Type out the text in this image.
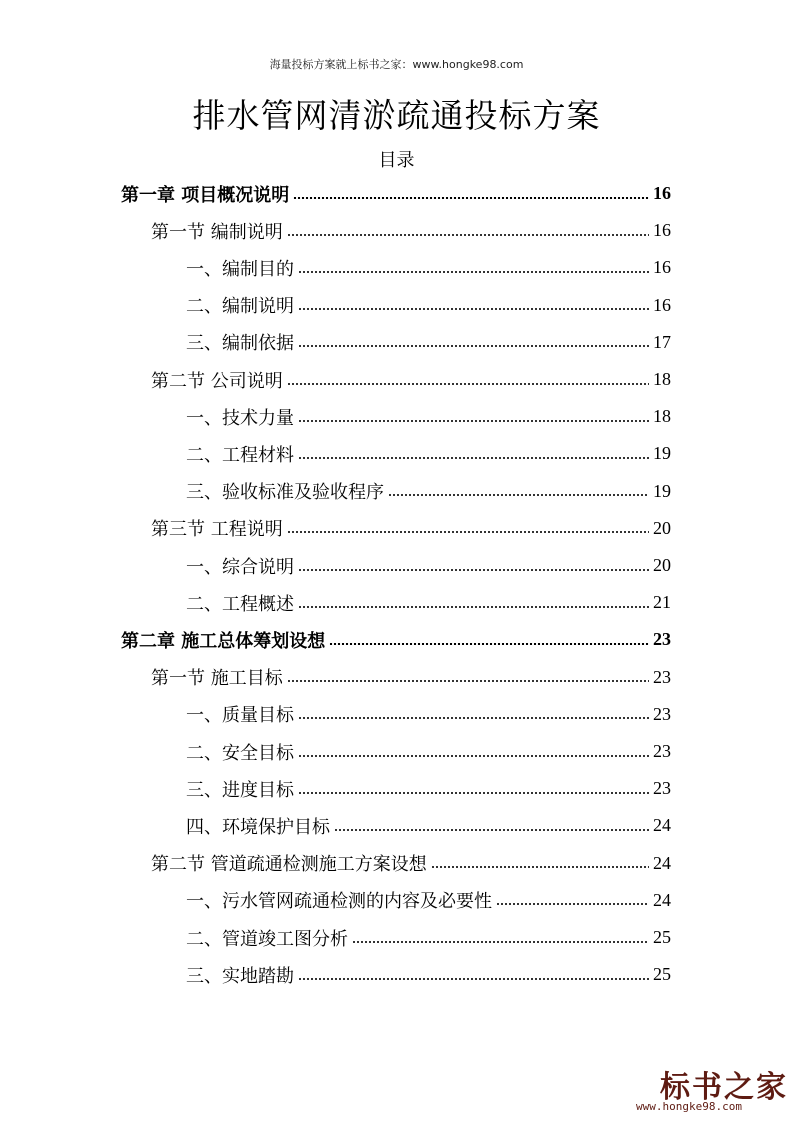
海量投标方案就上标书之家：www.hongke98.com
排水管网清淤疏通投标方案
目录
第一章 项目概况说明	16
第一节 编制说明	16
一、编制目的	16
二、编制说明	16
三、编制依据	17
第二节 公司说明	18
一、技术力量	18
二、工程材料	19
三、验收标准及验收程序	19
第三节 工程说明	20
一、综合说明	20
二、工程概述	21
第二章 施工总体筹划设想	23
第一节 施工目标	23
一、质量目标	23
二、安全目标	23
三、进度目标	23
四、环境保护目标	24
第二节 管道疏通检测施工方案设想	24
一、污水管网疏通检测的内容及必要性	24
二、管道竣工图分析	25
三、实地踏勘	25
标书之家
www.hongke98.com
